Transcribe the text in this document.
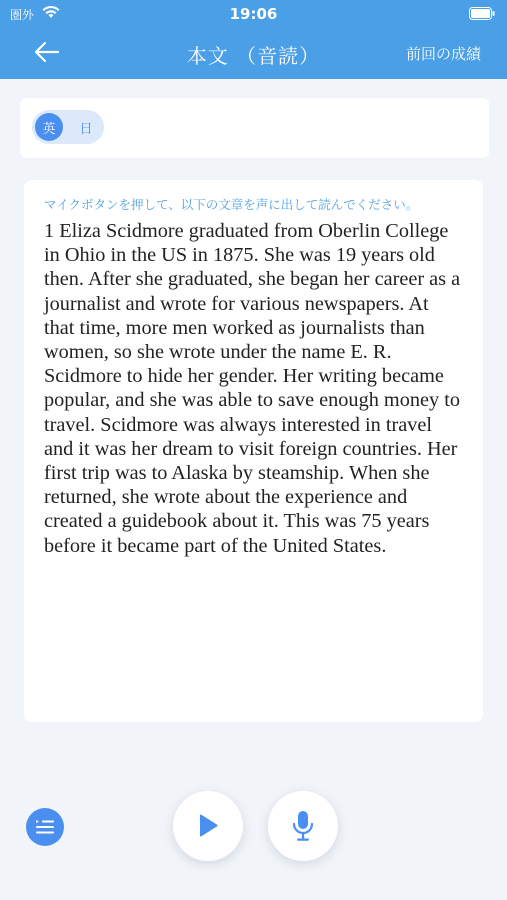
圏外	19:06
本文 （音読）	前回の成績
英	日
マイクボタンを押して、以下の文章を声に出して読んでください。
1 Eliza Scidmore graduated from Oberlin College in Ohio in the US in 1875. She was 19 years old then. After she graduated, she began her career as a journalist and wrote for various newspapers. At that time, more men worked as journalists than women, so she wrote under the name E. R. Scidmore to hide her gender. Her writing became popular, and she was able to save enough money to travel. Scidmore was always interested in travel and it was her dream to visit foreign countries. Her first trip was to Alaska by steamship. When she returned, she wrote about the experience and created a guidebook about it. This was 75 years before it became part of the United States.
